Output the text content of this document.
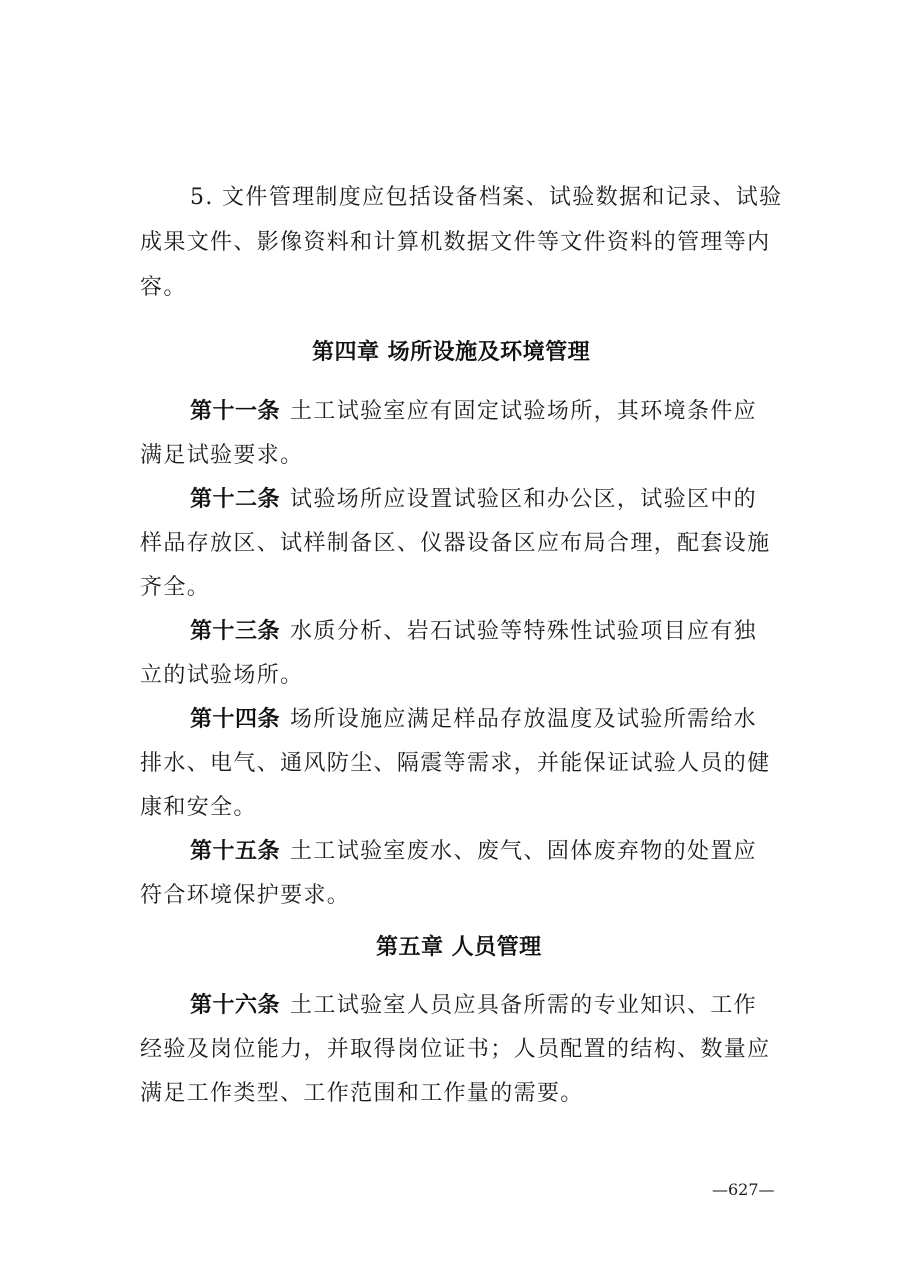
5. 文件管理制度应包括设备档案、试验数据和记录、试验
成果文件、影像资料和计算机数据文件等文件资料的管理等内
容。
第四章 场所设施及环境管理
第十一条 土工试验室应有固定试验场所，其环境条件应
满足试验要求。
第十二条 试验场所应设置试验区和办公区，试验区中的
样品存放区、试样制备区、仪器设备区应布局合理，配套设施
齐全。
第十三条 水质分析、岩石试验等特殊性试验项目应有独
立的试验场所。
第十四条 场所设施应满足样品存放温度及试验所需给水
排水、电气、通风防尘、隔震等需求，并能保证试验人员的健
康和安全。
第十五条 土工试验室废水、废气、固体废弃物的处置应
符合环境保护要求。
第五章 人员管理
第十六条 土工试验室人员应具备所需的专业知识、工作
经验及岗位能力，并取得岗位证书；人员配置的结构、数量应
满足工作类型、工作范围和工作量的需要。
—627—
